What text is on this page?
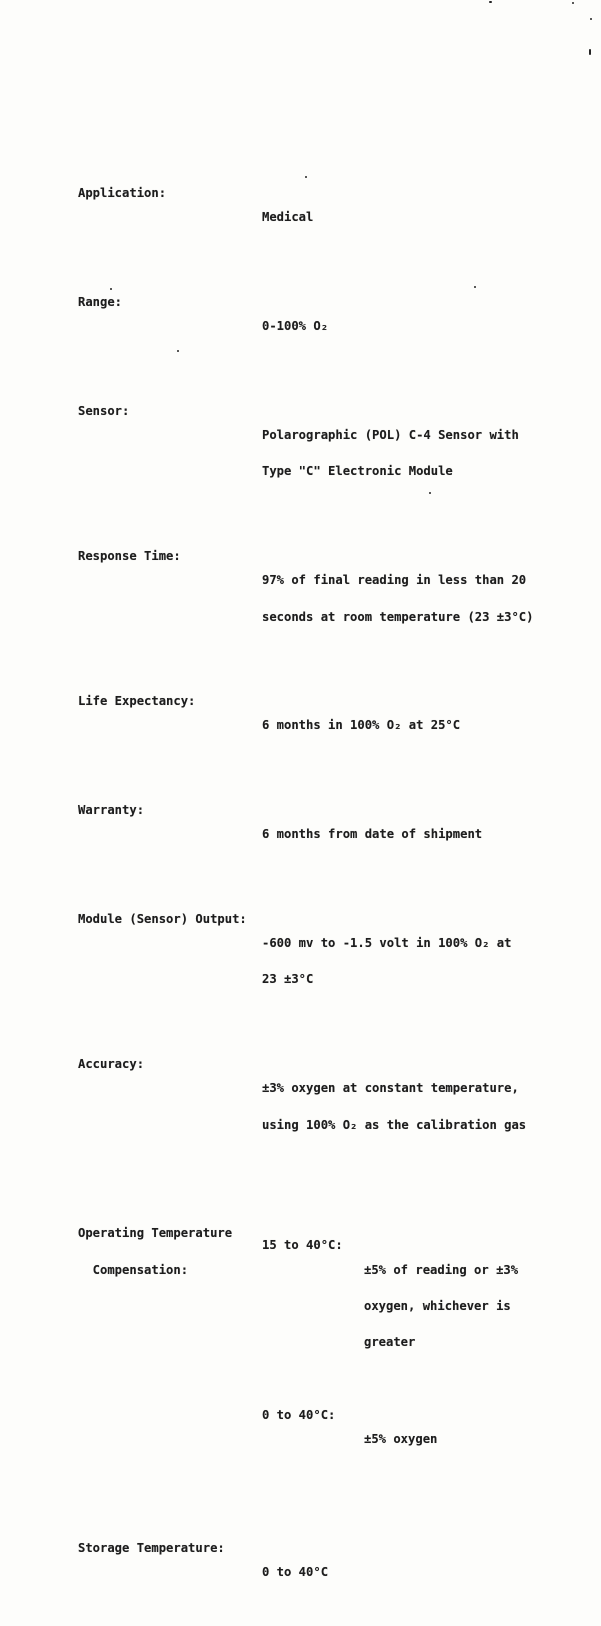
Application:

Medical

Range:

0-100% O₂

Sensor:

Polarographic (POL) C-4 Sensor with

Type "C" Electronic Module

Response Time:

97% of final reading in less than 20

seconds at room temperature (23 ±3°C)

Life Expectancy:

6 months in 100% O₂ at 25°C

Warranty:

6 months from date of shipment

Module (Sensor) Output:

-600 mv to -1.5 volt in 100% O₂ at

23 ±3°C

Accuracy:

±3% oxygen at constant temperature,

using 100% O₂ as the calibration gas

Operating Temperature

Compensation:

15 to 40°C:

±5% of reading or ±3%

oxygen, whichever is

greater

0 to 40°C:

±5% oxygen

Storage Temperature:

0 to 40°C
